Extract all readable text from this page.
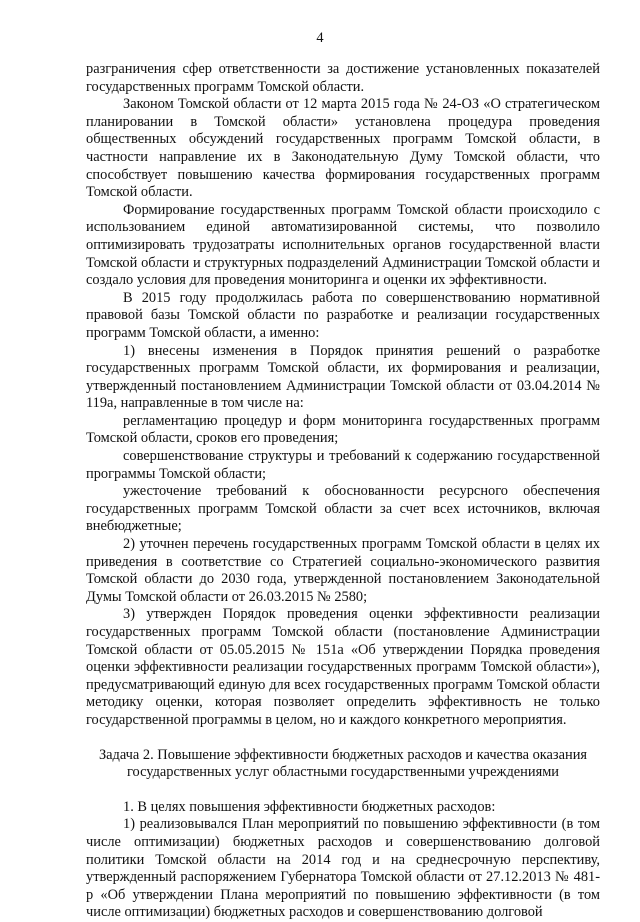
4

разграничения сфер ответственности за достижение установленных показателей государственных программ Томской области.

Законом Томской области от 12 марта 2015 года № 24-ОЗ «О стратегическом планировании в Томской области» установлена процедура проведения общественных обсуждений государственных программ Томской области, в частности направление их в Законодательную Думу Томской области, что способствует повышению качества формирования государственных программ Томской области.

Формирование государственных программ Томской области происходило с использованием единой автоматизированной системы, что позволило оптимизировать трудозатраты исполнительных органов государственной власти Томской области и структурных подразделений Администрации Томской области и создало условия для проведения мониторинга и оценки их эффективности.

В 2015 году продолжилась работа по совершенствованию нормативной правовой базы Томской области по разработке и реализации государственных программ Томской области, а именно:

1) внесены изменения в Порядок принятия решений о разработке государственных программ Томской области, их формирования и реализации, утвержденный постановлением Администрации Томской области от 03.04.2014 № 119а, направленные в том числе на:

регламентацию процедур и форм мониторинга государственных программ Томской области, сроков его проведения;

совершенствование структуры и требований к содержанию государственной программы Томской области;

ужесточение требований к обоснованности ресурсного обеспечения государственных программ Томской области за счет всех источников, включая внебюджетные;

2) уточнен перечень государственных программ Томской области в целях их приведения в соответствие со Стратегией социально-экономического развития Томской области до 2030 года, утвержденной постановлением Законодательной Думы Томской области от 26.03.2015 № 2580;

3) утвержден Порядок проведения оценки эффективности реализации государственных программ Томской области (постановление Администрации Томской области от 05.05.2015 № 151а «Об утверждении Порядка проведения оценки эффективности реализации государственных программ Томской области»), предусматривающий единую для всех государственных программ Томской области методику оценки, которая позволяет определить эффективность не только государственной программы в целом, но и каждого конкретного мероприятия.

Задача 2. Повышение эффективности бюджетных расходов и качества оказания государственных услуг областными государственными учреждениями

1. В целях повышения эффективности бюджетных расходов:

1) реализовывался План мероприятий по повышению эффективности (в том числе оптимизации) бюджетных расходов и совершенствованию долговой политики Томской области на 2014 год и на среднесрочную перспективу, утвержденный распоряжением Губернатора Томской области от 27.12.2013 № 481-р «Об утверждении Плана мероприятий по повышению эффективности (в том числе оптимизации) бюджетных расходов и совершенствованию долговой
